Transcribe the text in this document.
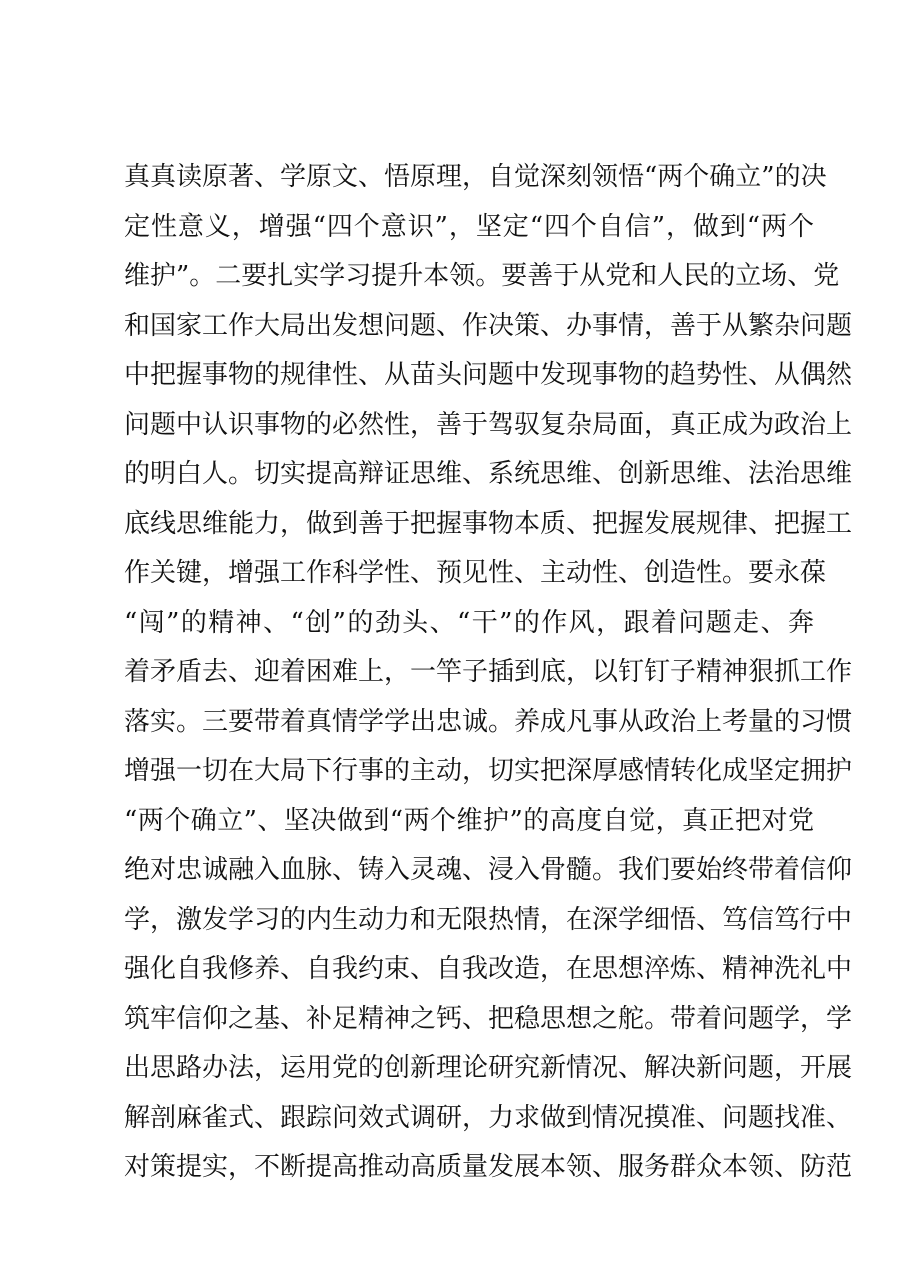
真真读原著、学原文、悟原理，自觉深刻领悟“两个确立”的决
定性意义，增强“四个意识”，坚定“四个自信”，做到“两个
维护”。二要扎实学习提升本领。要善于从党和人民的立场、党
和国家工作大局出发想问题、作决策、办事情，善于从繁杂问题
中把握事物的规律性、从苗头问题中发现事物的趋势性、从偶然
问题中认识事物的必然性，善于驾驭复杂局面，真正成为政治上
的明白人。切实提高辩证思维、系统思维、创新思维、法治思维
底线思维能力，做到善于把握事物本质、把握发展规律、把握工
作关键，增强工作科学性、预见性、主动性、创造性。要永葆
“闯”的精神、“创”的劲头、“干”的作风，跟着问题走、奔
着矛盾去、迎着困难上，一竿子插到底，以钉钉子精神狠抓工作
落实。三要带着真情学学出忠诚。养成凡事从政治上考量的习惯
增强一切在大局下行事的主动，切实把深厚感情转化成坚定拥护
“两个确立”、坚决做到“两个维护”的高度自觉，真正把对党
绝对忠诚融入血脉、铸入灵魂、浸入骨髓。我们要始终带着信仰
学，激发学习的内生动力和无限热情，在深学细悟、笃信笃行中
强化自我修养、自我约束、自我改造，在思想淬炼、精神洗礼中
筑牢信仰之基、补足精神之钙、把稳思想之舵。带着问题学，学
出思路办法，运用党的创新理论研究新情况、解决新问题，开展
解剖麻雀式、跟踪问效式调研，力求做到情况摸准、问题找准、
对策提实，不断提高推动高质量发展本领、服务群众本领、防范
